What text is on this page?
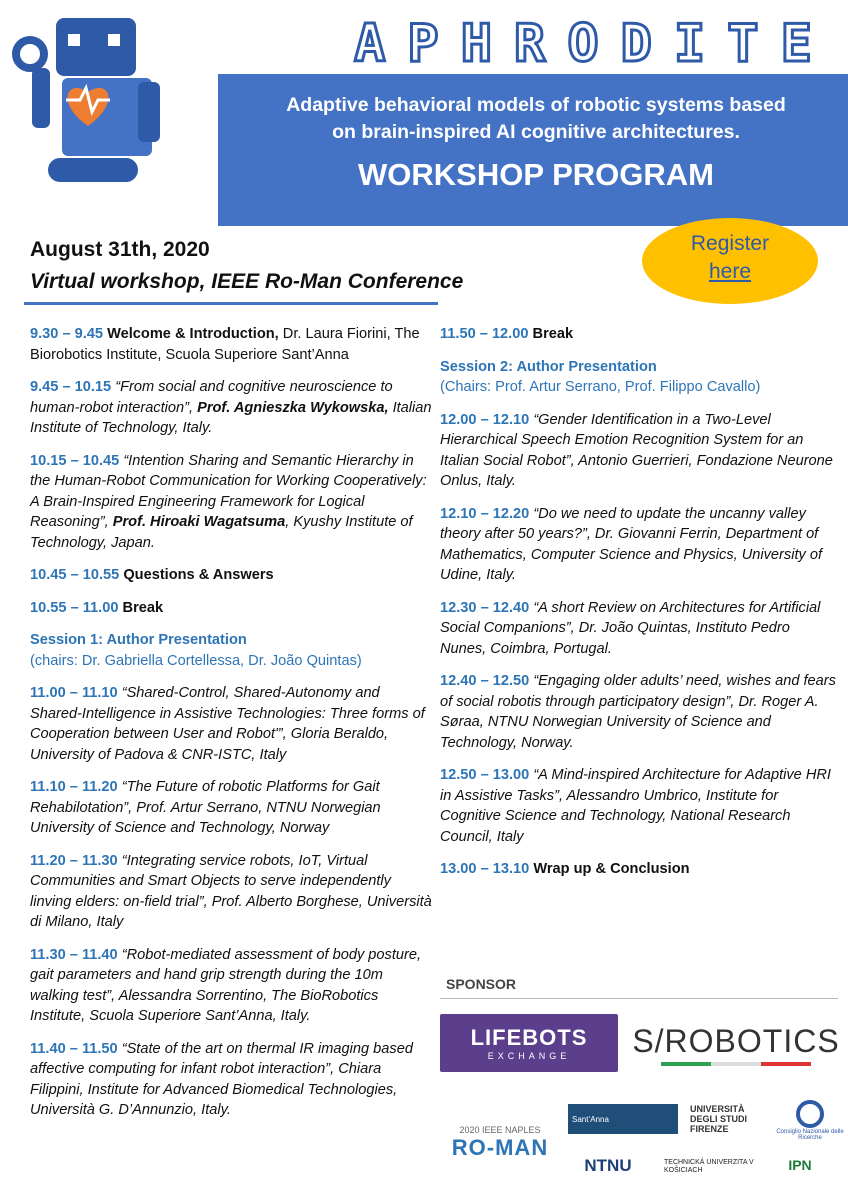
APHRODITE
Adaptive behavioral models of robotic systems based
on brain-inspired AI cognitive architectures.
WORKSHOP PROGRAM
Register
here
August 31th, 2020
Virtual workshop, IEEE Ro-Man Conference
9.30 – 9.45 Welcome & Introduction, Dr. Laura Fiorini, The Biorobotics Institute, Scuola Superiore Sant’Anna
9.45 – 10.15 “From social and cognitive neuroscience to human-robot interaction”, Prof. Agnieszka Wykowska, Italian Institute of Technology, Italy.
10.15 – 10.45 “Intention Sharing and Semantic Hierarchy in the Human-Robot Communication for Working Cooperatively: A Brain-Inspired Engineering Framework for Logical Reasoning”, Prof. Hiroaki Wagatsuma, Kyushy Institute of Technology, Japan.
10.45 – 10.55 Questions & Answers
10.55 – 11.00 Break
Session 1: Author Presentation
(chairs: Dr. Gabriella Cortellessa, Dr. João Quintas)
11.00 – 11.10 “Shared-Control, Shared-Autonomy and Shared-Intelligence in Assistive Technologies: Three forms of Cooperation between User and Robot'”, Gloria Beraldo, University of Padova & CNR-ISTC, Italy
11.10 – 11.20 “The Future of robotic Platforms for Gait Rehabilotation”, Prof. Artur Serrano, NTNU Norwegian University of Science and Technology, Norway
11.20 – 11.30 “Integrating service robots, IoT, Virtual Communities and Smart Objects to serve independently linving elders: on-field trial”, Prof. Alberto Borghese, Università di Milano, Italy
11.30 – 11.40 “Robot-mediated assessment of body posture, gait parameters and hand grip strength during the 10m walking test”, Alessandra Sorrentino, The BioRobotics Institute, Scuola Superiore Sant’Anna, Italy.
11.40 – 11.50 “State of the art on thermal IR imaging based affective computing for infant robot interaction”, Chiara Filippini, Institute for Advanced Biomedical Technologies, Università G. D’Annunzio, Italy.
11.50 – 12.00 Break
Session 2: Author Presentation
(Chairs: Prof. Artur Serrano, Prof. Filippo Cavallo)
12.00 – 12.10 “Gender Identification in a Two-Level Hierarchical Speech Emotion Recognition System for an Italian Social Robot”, Antonio Guerrieri, Fondazione Neurone Onlus, Italy.
12.10 – 12.20 “Do we need to update the uncanny valley theory after 50 years?”, Dr. Giovanni Ferrin, Department of Mathematics, Computer Science and Physics, University of Udine, Italy.
12.30 – 12.40 “A short Review on Architectures for Artificial Social Companions”, Dr. João Quintas, Instituto Pedro Nunes, Coimbra, Portugal.
12.40 – 12.50 “Engaging older adults’ need, wishes and fears of social robotis through participatory design”, Dr. Roger A. Søraa, NTNU Norwegian University of Science and Technology, Norway.
12.50 – 13.00 “A Mind-inspired Architecture for Adaptive HRI in Assistive Tasks”, Alessandro Umbrico, Institute for Cognitive Science and Technology, National Research Council, Italy
13.00 – 13.10 Wrap up & Conclusion
SPONSOR
LIFEBOTS
EXCHANGE S/ROBOTICS
2020 IEEE NAPLES
RO-MAN
Sant’Anna
UNIVERSITÀ DEGLI STUDI FIRENZE	Consiglio Nazionale delle Ricerche
NTNU	TECHNICKÁ UNIVERZITA V KOŠICIACH	IPN
